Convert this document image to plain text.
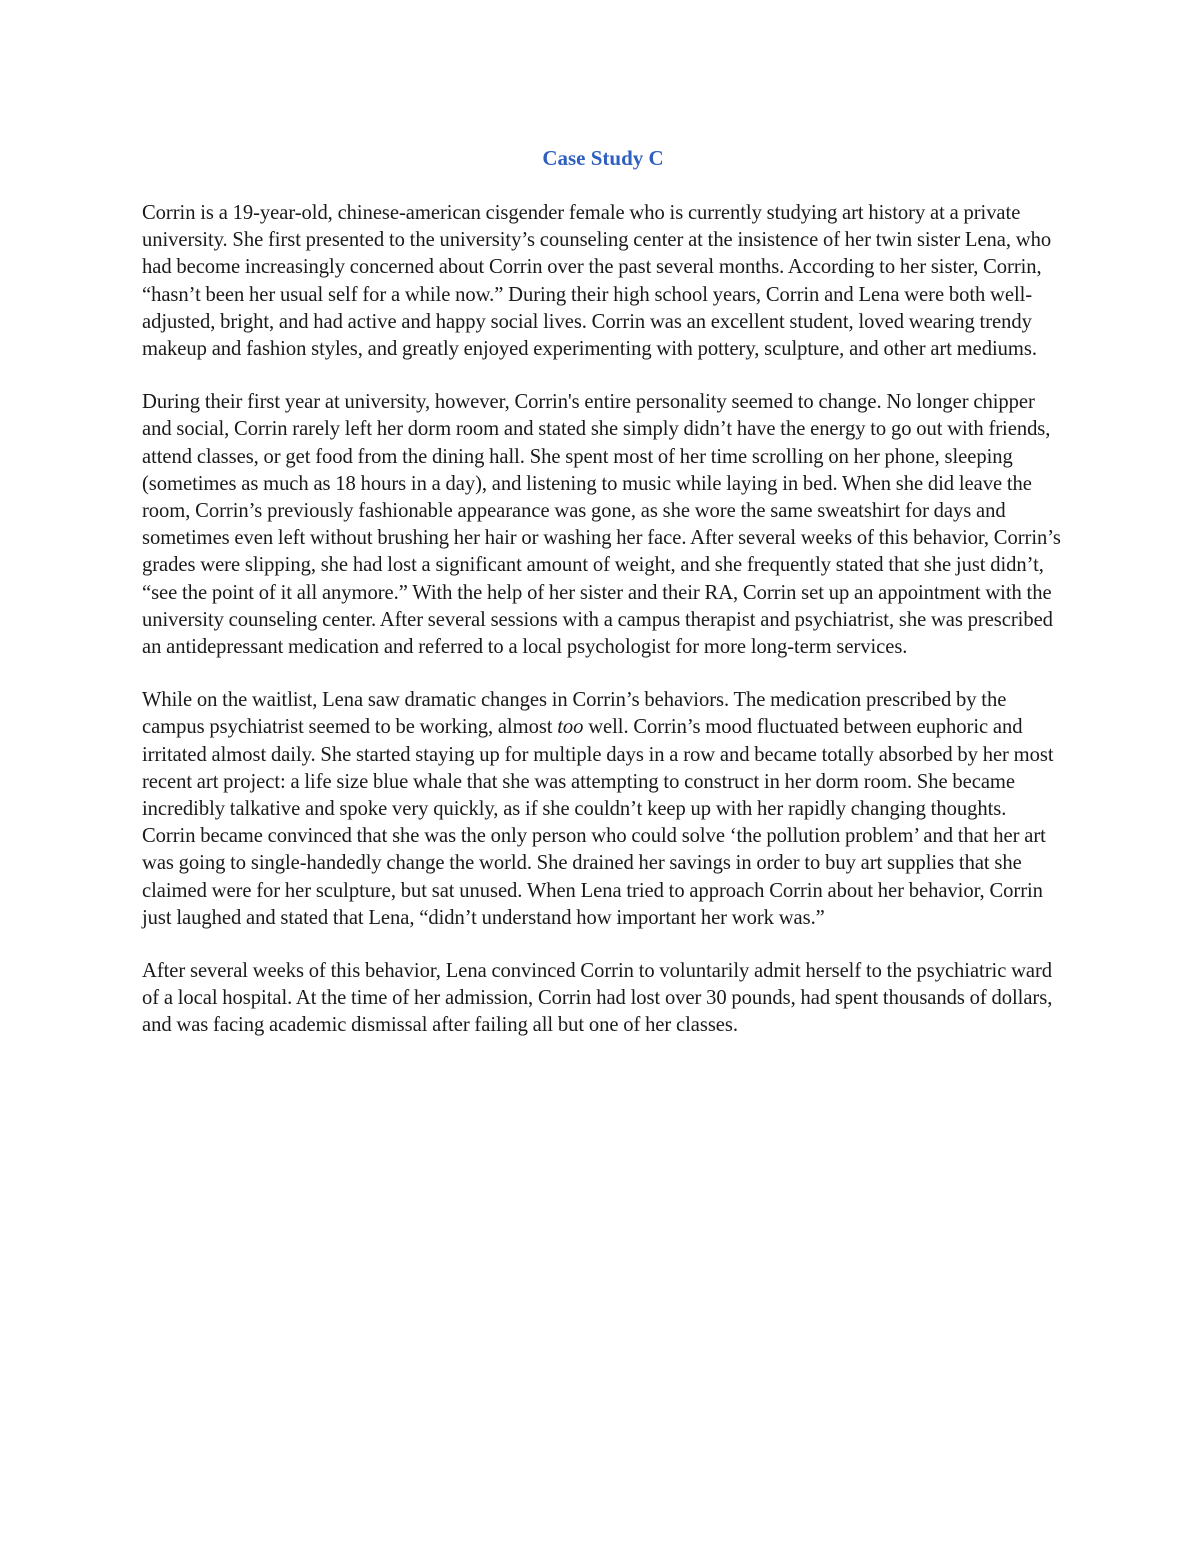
Case Study C

Corrin is a 19-year-old, chinese-american cisgender female who is currently studying art history at a private university. She first presented to the university’s counseling center at the insistence of her twin sister Lena, who had become increasingly concerned about Corrin over the past several months. According to her sister, Corrin, “hasn’t been her usual self for a while now.” During their high school years, Corrin and Lena were both well-adjusted, bright, and had active and happy social lives. Corrin was an excellent student, loved wearing trendy makeup and fashion styles, and greatly enjoyed experimenting with pottery, sculpture, and other art mediums.

During their first year at university, however, Corrin's entire personality seemed to change. No longer chipper and social, Corrin rarely left her dorm room and stated she simply didn’t have the energy to go out with friends, attend classes, or get food from the dining hall. She spent most of her time scrolling on her phone, sleeping (sometimes as much as 18 hours in a day), and listening to music while laying in bed. When she did leave the room, Corrin’s previously fashionable appearance was gone, as she wore the same sweatshirt for days and sometimes even left without brushing her hair or washing her face. After several weeks of this behavior, Corrin’s grades were slipping, she had lost a significant amount of weight, and she frequently stated that she just didn’t, “see the point of it all anymore.” With the help of her sister and their RA, Corrin set up an appointment with the university counseling center. After several sessions with a campus therapist and psychiatrist, she was prescribed an antidepressant medication and referred to a local psychologist for more long-term services.

While on the waitlist, Lena saw dramatic changes in Corrin’s behaviors. The medication prescribed by the campus psychiatrist seemed to be working, almost too well. Corrin’s mood fluctuated between euphoric and irritated almost daily. She started staying up for multiple days in a row and became totally absorbed by her most recent art project: a life size blue whale that she was attempting to construct in her dorm room. She became incredibly talkative and spoke very quickly, as if she couldn’t keep up with her rapidly changing thoughts. Corrin became convinced that she was the only person who could solve ‘the pollution problem’ and that her art was going to single-handedly change the world. She drained her savings in order to buy art supplies that she claimed were for her sculpture, but sat unused. When Lena tried to approach Corrin about her behavior, Corrin just laughed and stated that Lena, “didn’t understand how important her work was.”

After several weeks of this behavior, Lena convinced Corrin to voluntarily admit herself to the psychiatric ward of a local hospital. At the time of her admission, Corrin had lost over 30 pounds, had spent thousands of dollars, and was facing academic dismissal after failing all but one of her classes.
